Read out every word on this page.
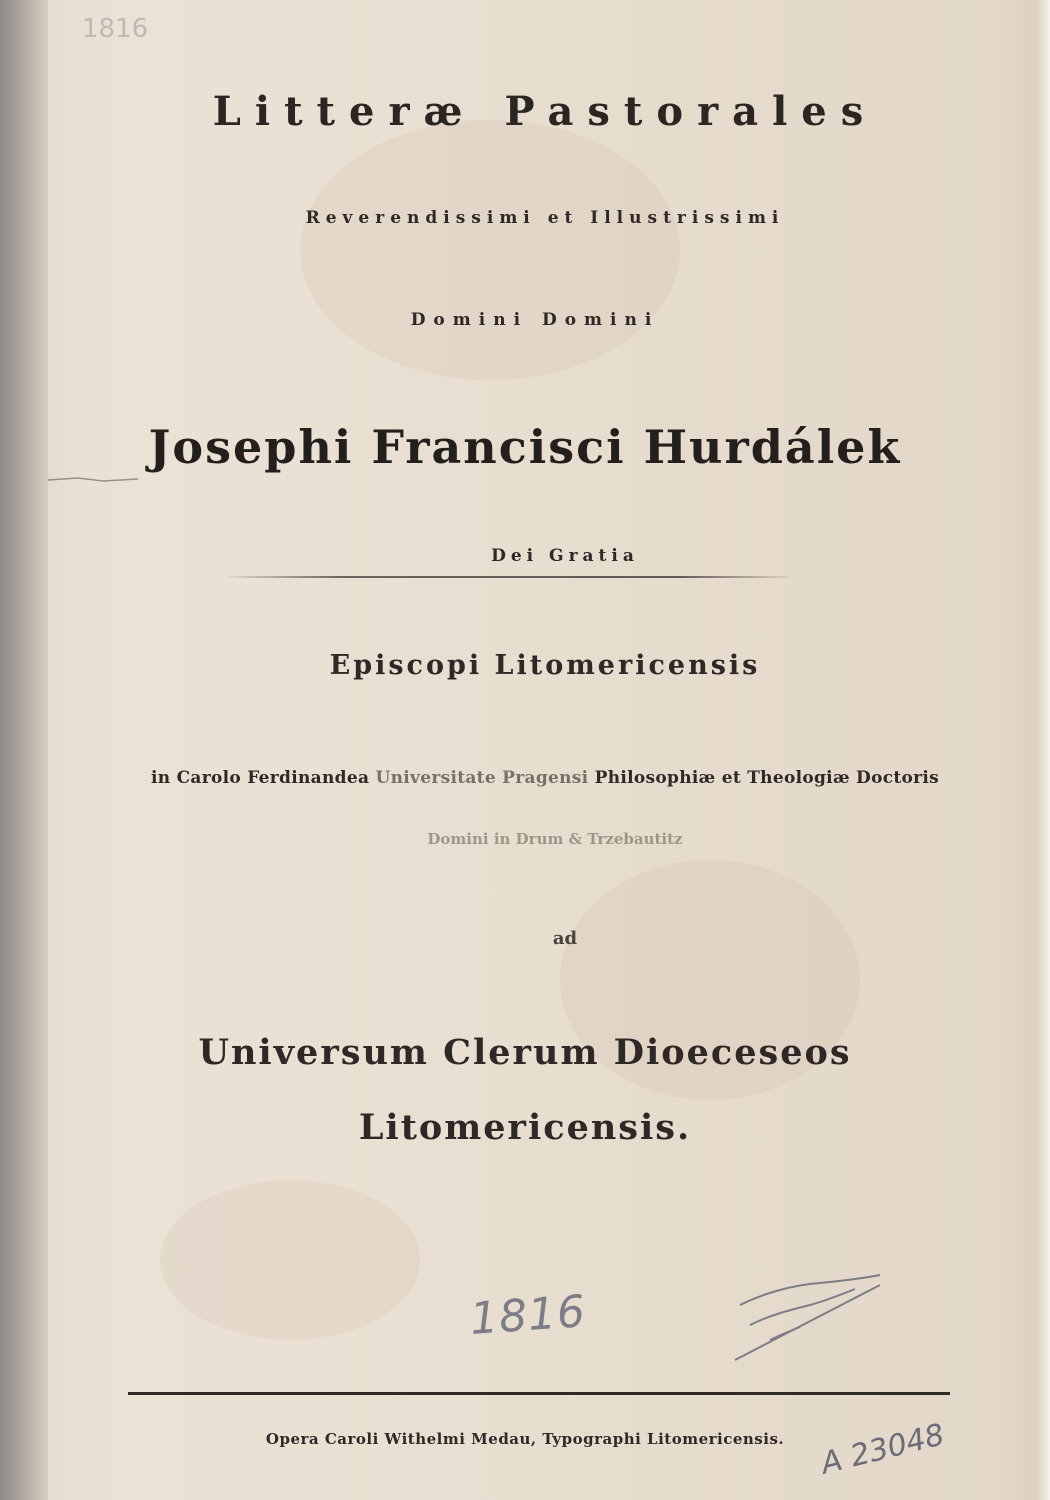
1816
Litteræ Pastorales
Reverendissimi et Illustrissimi
Domini Domini
Josephi Francisci Hurdálek
Dei Gratia
Episcopi Litomericensis
in Carolo Ferdinandea Universitate Pragensi Philosophiæ et Theologiæ Doctoris
Domini in Drum & Trzebautitz
ad
Universum Clerum Dioeceseos
Litomericensis.
1816
Opera Caroli Withelmi Medau, Typographi Litomericensis.	A 23048
